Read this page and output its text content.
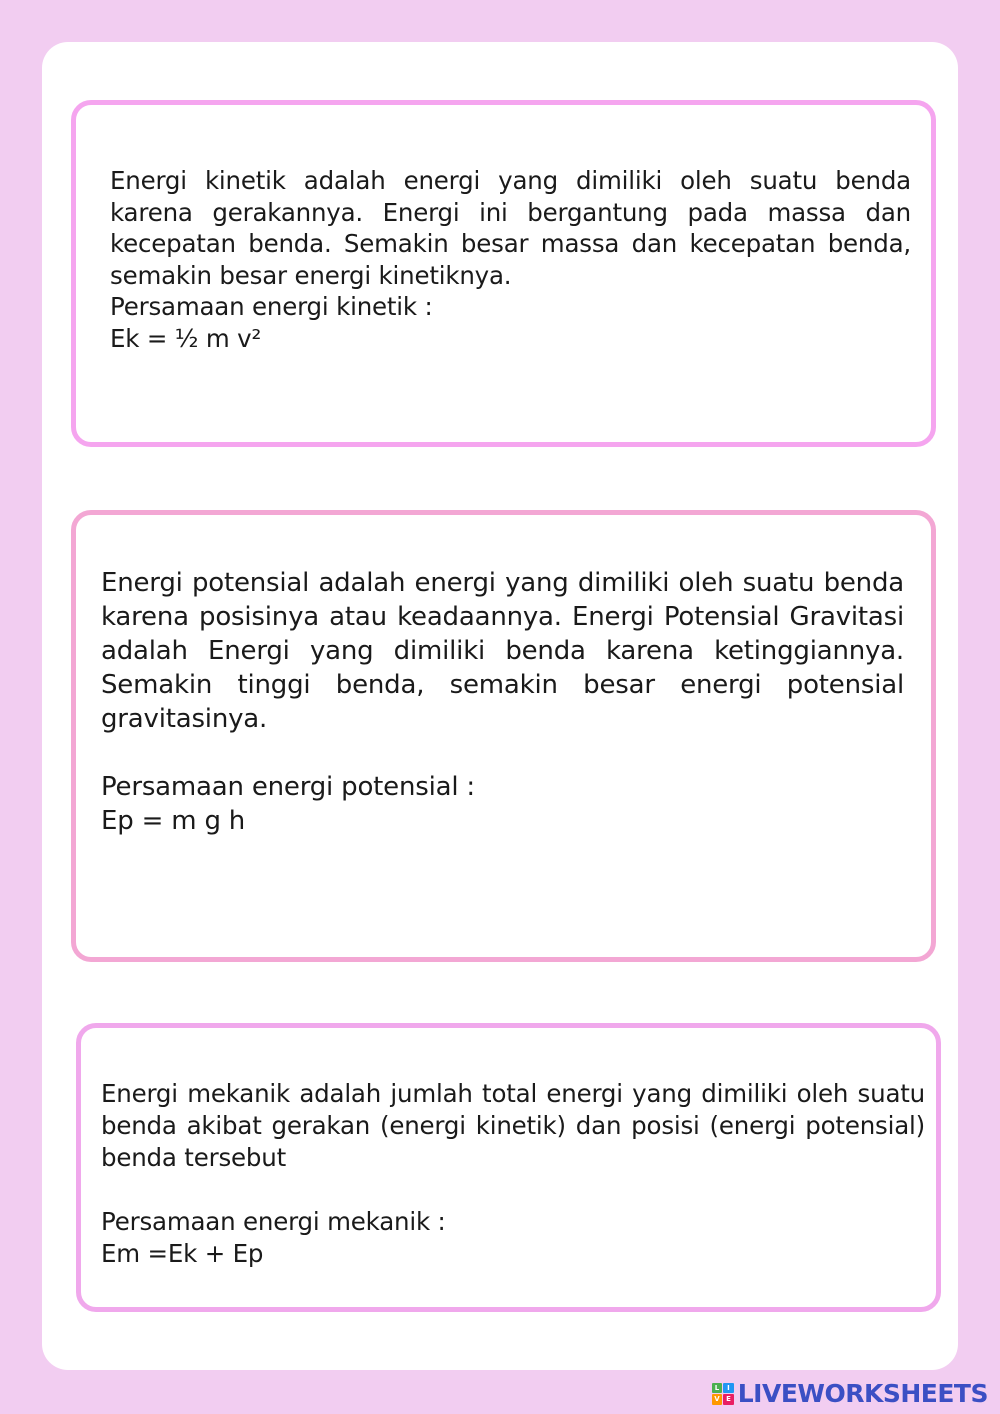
Energi kinetik adalah energi yang dimiliki oleh suatu benda karena gerakannya. Energi ini bergantung pada massa dan kecepatan benda. Semakin besar massa dan kecepatan benda, semakin besar energi kinetiknya.

Persamaan energi kinetik :
Ek = ½ m v²

Energi potensial adalah energi yang dimiliki oleh suatu benda karena posisinya atau keadaannya. Energi Potensial Gravitasi adalah Energi yang dimiliki benda karena ketinggiannya. Semakin tinggi benda, semakin besar energi potensial gravitasinya.

Persamaan energi potensial :
Ep = m g h

Energi mekanik adalah jumlah total energi yang dimiliki oleh suatu benda akibat gerakan (energi kinetik) dan posisi (energi potensial) benda tersebut

Persamaan energi mekanik :
Em =Ek + Ep
L	I
V E LIVEWORKSHEETS
